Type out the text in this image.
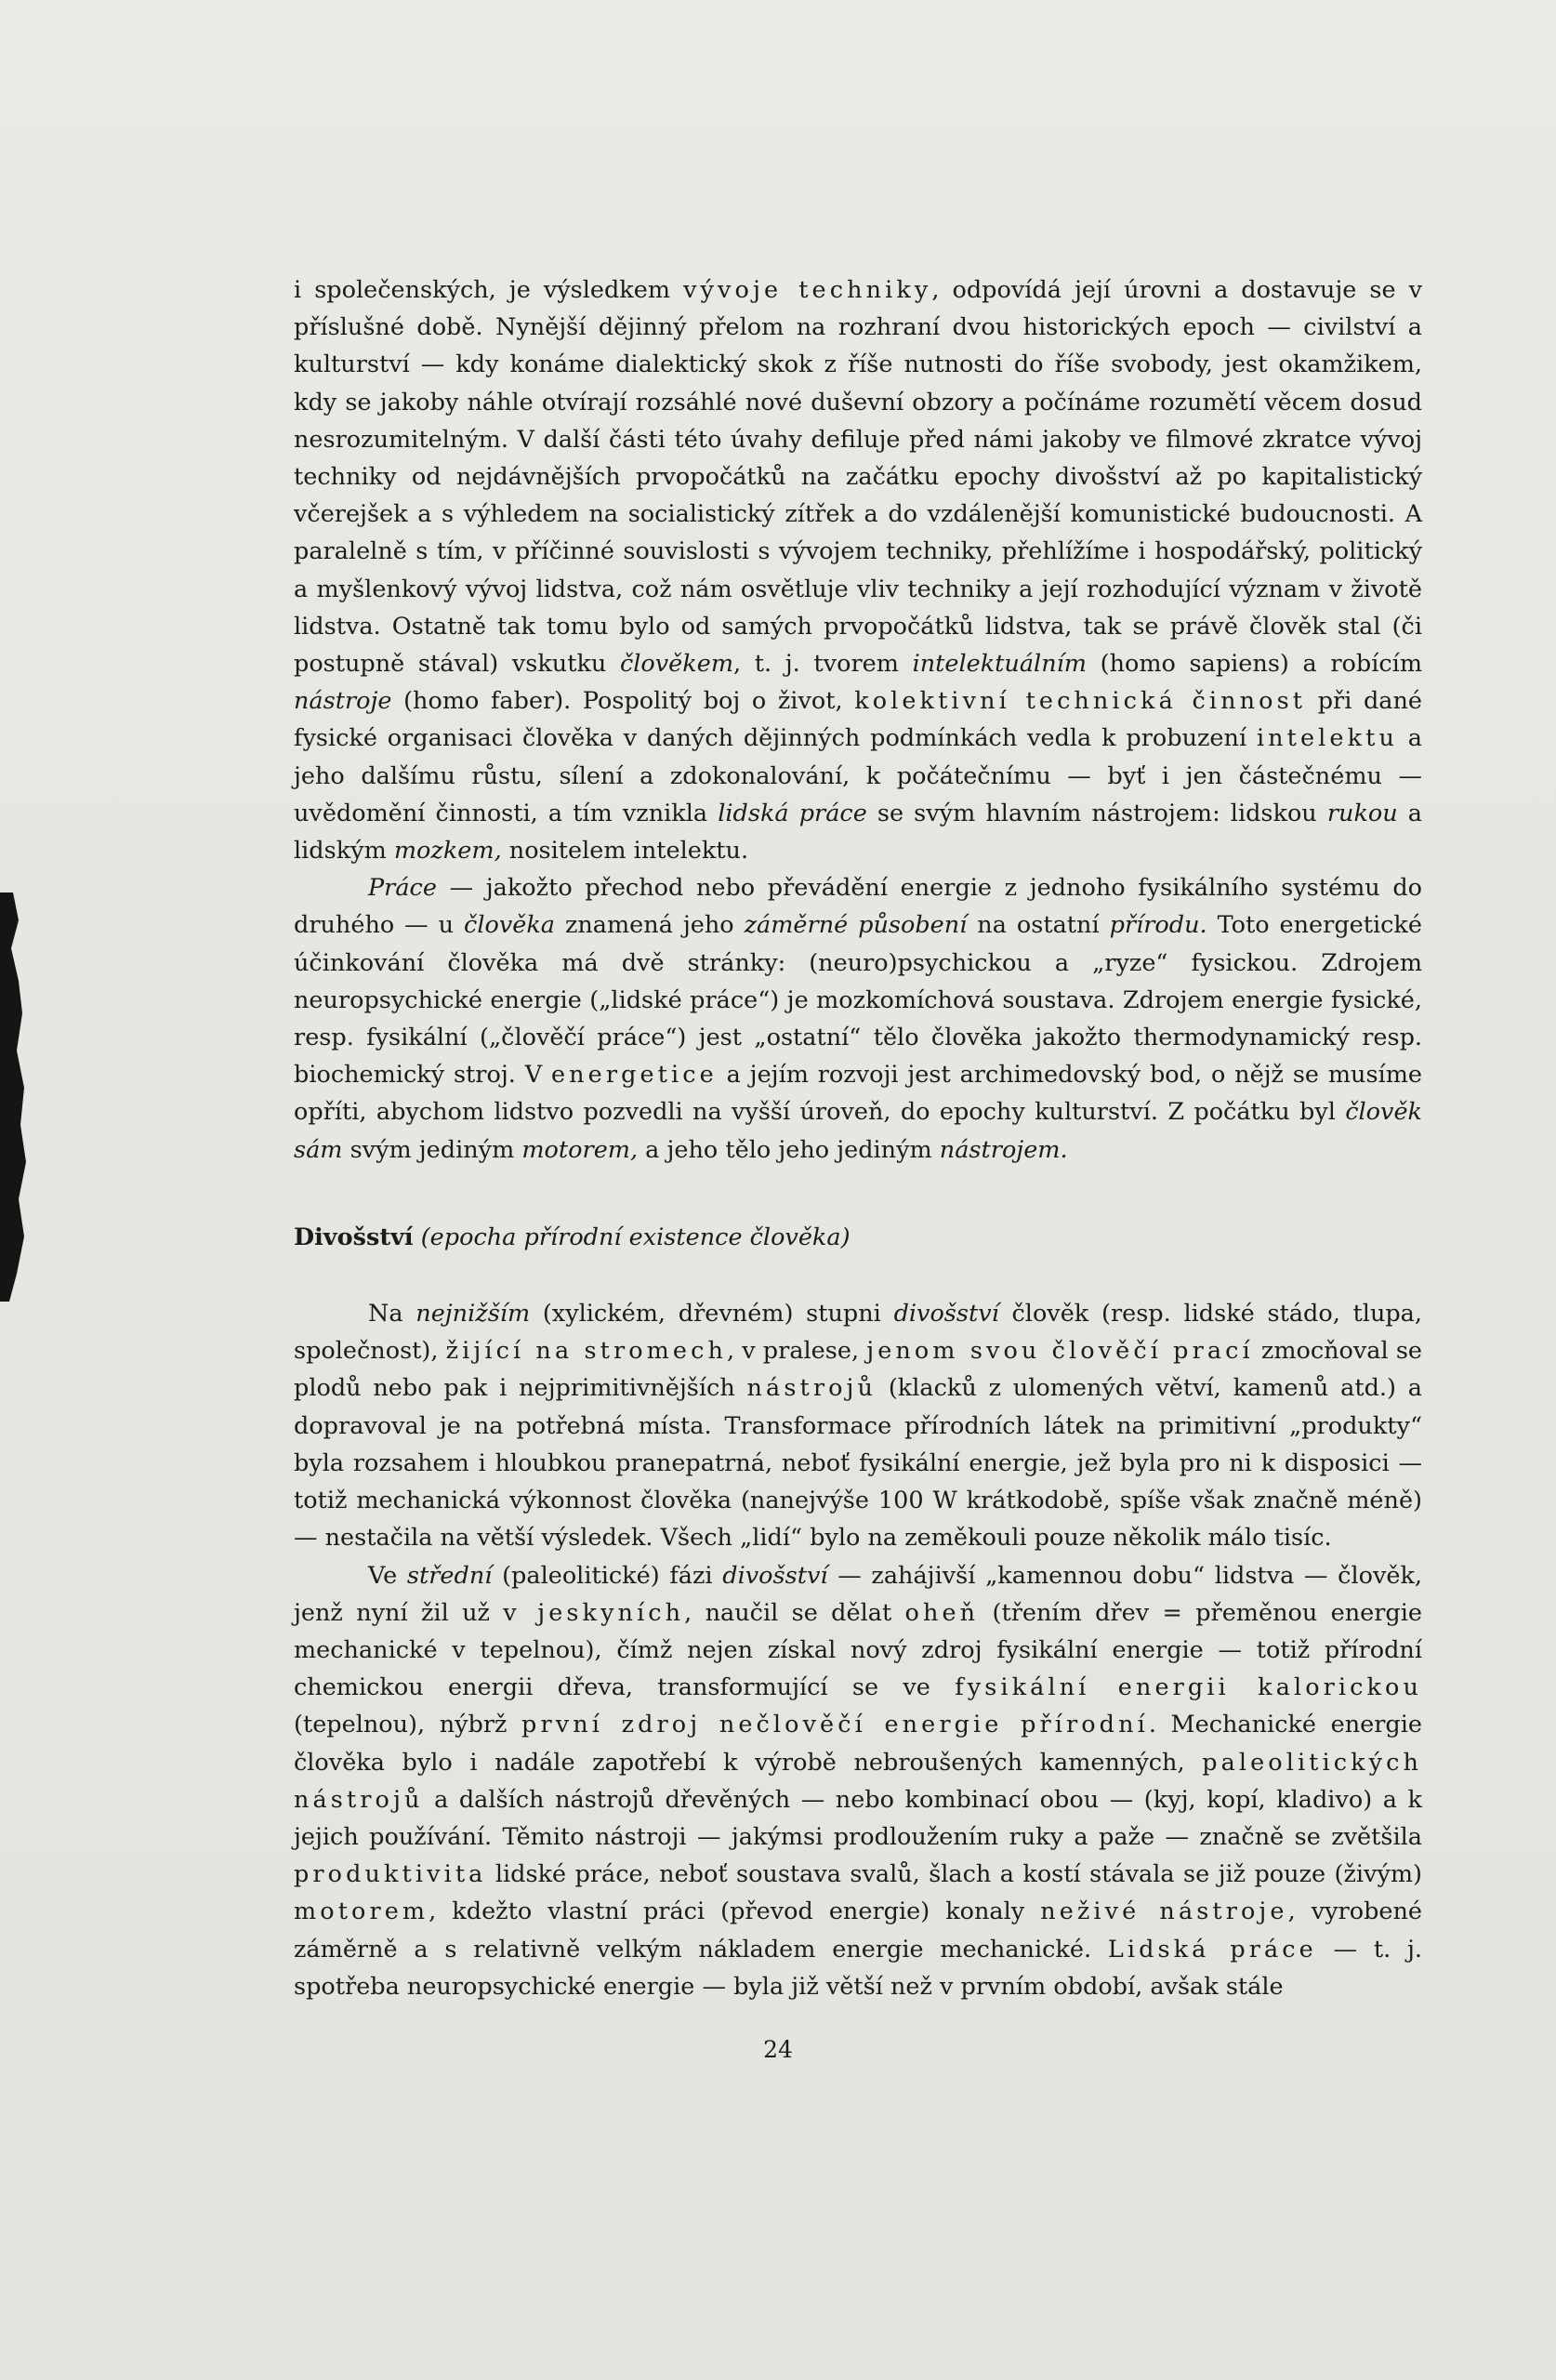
i společenských, je výsledkem vývoje techniky, odpovídá její úrovni a dostavuje se v příslušné době. Nynější dějinný přelom na rozhraní dvou historických epoch — civilství a kulturství — kdy konáme dialektický skok z říše nutnosti do říše svobody, jest okamžikem, kdy se jakoby náhle otvírají rozsáhlé nové duševní obzory a počínáme rozumětí věcem dosud nesrozumitelným. V další části této úvahy defiluje před námi jakoby ve filmové zkratce vývoj techniky od nejdávnějších prvopočátků na začátku epochy divošství až po kapitalistický včerejšek a s výhledem na socialistický zítřek a do vzdálenější komunistické budoucnosti. A paralelně s tím, v příčinné souvislosti s vývojem techniky, přehlížíme i hospodářský, politický a myšlenkový vývoj lidstva, což nám osvětluje vliv techniky a její rozhodující význam v životě lidstva. Ostatně tak tomu bylo od samých prvopočátků lidstva, tak se právě člověk stal (či postupně stával) vskutku člověkem, t. j. tvorem intelektuálním (homo sapiens) a robícím nástroje (homo faber). Pospolitý boj o život, kolektivní technická činnost při dané fysické organisaci člověka v daných dějinných podmínkách vedla k probuzení intelektu a jeho dalšímu růstu, sílení a zdokonalování, k počátečnímu — byť i jen částečnému — uvědomění činnosti, a tím vznikla lidská práce se svým hlavním nástrojem: lidskou rukou a lidským mozkem, nositelem intelektu.

Práce — jakožto přechod nebo převádění energie z jednoho fysikálního systému do druhého — u člověka znamená jeho záměrné působení na ostatní přírodu. Toto energetické účinkování člověka má dvě stránky: (neuro)psychickou a „ryze“ fysickou. Zdrojem neuropsychické energie („lidské práce“) je mozkomíchová soustava. Zdrojem energie fysické, resp. fysikální („člověčí práce“) jest „ostatní“ tělo člověka jakožto thermodynamický resp. biochemický stroj. V energetice a jejím rozvoji jest archimedovský bod, o nějž se musíme opříti, abychom lidstvo pozvedli na vyšší úroveň, do epochy kulturství. Z počátku byl člověk sám svým jediným motorem, a jeho tělo jeho jediným nástrojem.

Divošství (epocha přírodní existence člověka)

Na nejnižším (xylickém, dřevném) stupni divošství člověk (resp. lidské stádo, tlupa, společnost), žijící na stromech, v pralese, jenom svou člověčí prací zmocňoval se plodů nebo pak i nejprimitivnějších nástrojů (klacků z ulomených větví, kamenů atd.) a dopravoval je na potřebná místa. Transformace přírodních látek na primitivní „produkty“ byla rozsahem i hloubkou pranepatrná, neboť fysikální energie, jež byla pro ni k disposici — totiž mechanická výkonnost člověka (nanejvýše 100 W krátkodobě, spíše však značně méně)— nestačila na větší výsledek. Všech „lidí“ bylo na zeměkouli pouze několik málo tisíc.

Ve střední (paleolitické) fázi divošství — zahájivší „kamennou dobu“ lidstva — člověk, jenž nyní žil už v jeskyních, naučil se dělat oheň (třením dřev = přeměnou energie mechanické v tepelnou), čímž nejen získal nový zdroj fysikální energie — totiž přírodní chemickou energii dřeva, transformující se ve fysikální energii kalorickou (tepelnou), nýbrž první zdroj nečlověčí energie přírodní. Mechanické energie člověka bylo i nadále zapotřebí k výrobě nebroušených kamenných, paleolitických nástrojů a dalších nástrojů dřevěných — nebo kombinací obou — (kyj, kopí, kladivo) a k jejich používání. Těmito nástroji — jakýmsi prodloužením ruky a paže — značně se zvětšila produktivita lidské práce, neboť soustava svalů, šlach a kostí stávala se již pouze (živým) motorem, kdežto vlastní práci (převod energie) konaly neživé nástroje, vyrobené záměrně a s relativně velkým nákladem energie mechanické. Lidská práce — t. j. spotřeba neuropsychické energie — byla již větší než v prvním období, avšak stále

24
